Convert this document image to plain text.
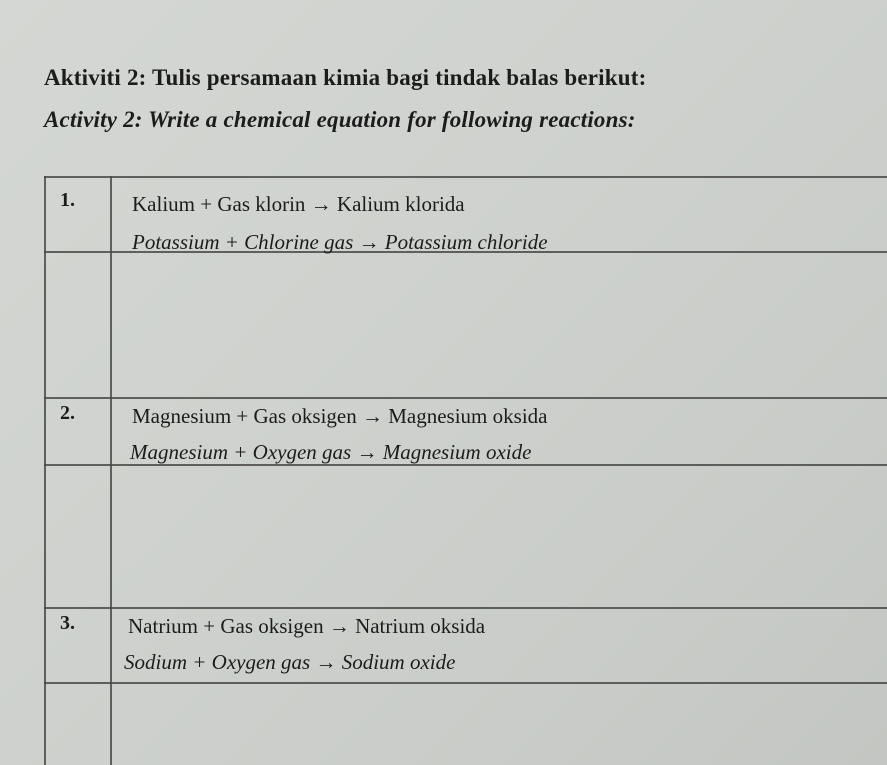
Aktiviti 2: Tulis persamaan kimia bagi tindak balas berikut:
Activity 2: Write a chemical equation for following reactions:
1.	Kalium + Gas klorin → Kalium klorida
Potassium + Chlorine gas → Potassium chloride
2.	Magnesium + Gas oksigen → Magnesium oksida
Magnesium + Oxygen gas → Magnesium oxide
3.	Natrium + Gas oksigen → Natrium oksida
Sodium + Oxygen gas → Sodium oxide
